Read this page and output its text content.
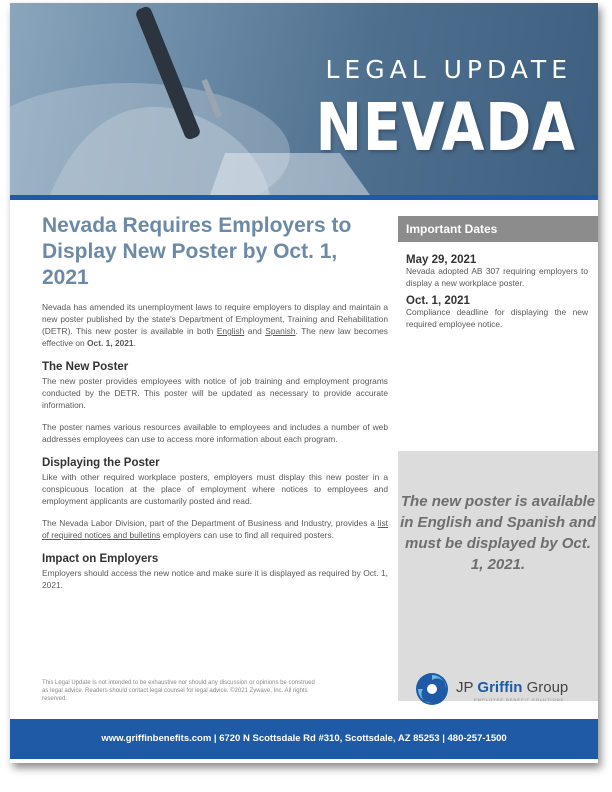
LEGAL UPDATE
NEVADA
Nevada Requires Employers to Display New Poster by Oct. 1, 2021

Nevada has amended its unemployment laws to require employers to display and maintain a new poster published by the state's Department of Employment, Training and Rehabilitation (DETR). This new poster is available in both English and Spanish. The new law becomes effective on Oct. 1, 2021.

The New Poster

The new poster provides employees with notice of job training and employment programs conducted by the DETR. This poster will be updated as necessary to provide accurate information.

The poster names various resources available to employees and includes a number of web addresses employees can use to access more information about each program.

Displaying the Poster

Like with other required workplace posters, employers must display this new poster in a conspicuous location at the place of employment where notices to employees and employment applicants are customarily posted and read.

The Nevada Labor Division, part of the Department of Business and Industry, provides a list of required notices and bulletins employers can use to find all required posters.

Impact on Employers

Employers should access the new notice and make sure it is displayed as required by Oct. 1, 2021.

Important Dates
May 29, 2021
Nevada adopted AB 307 requiring employers to display a new workplace poster.
Oct. 1, 2021
Compliance deadline for displaying the new required employee notice.
The new poster is available in English and Spanish and must be displayed by Oct. 1, 2021.
This Legal Update is not intended to be exhaustive nor should any discussion or opinions be construed as legal advice. Readers should contact legal counsel for legal advice. ©2021 Zywave, Inc. All rights reserved.
JP Griffin Group
EMPLOYEE BENEFIT SOLUTIONS
www.griffinbenefits.com | 6720 N Scottsdale Rd #310, Scottsdale, AZ 85253 | 480-257-1500
